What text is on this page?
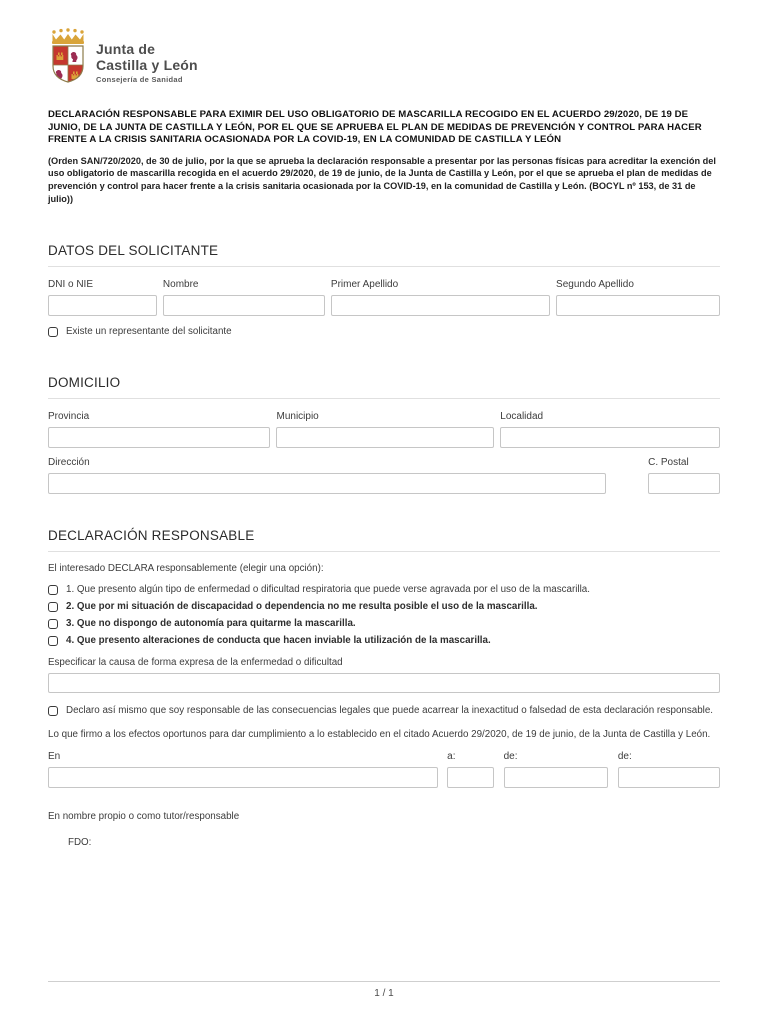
Junta de
Castilla y León
Consejería de Sanidad

DECLARACIÓN RESPONSABLE PARA EXIMIR DEL USO OBLIGATORIO DE MASCARILLA RECOGIDO EN EL ACUERDO 29/2020, DE 19 DE JUNIO, DE LA JUNTA DE CASTILLA Y LEÓN, POR EL QUE SE APRUEBA EL PLAN DE MEDIDAS DE PREVENCIÓN Y CONTROL PARA HACER FRENTE A LA CRISIS SANITARIA OCASIONADA POR LA COVID-19, EN LA COMUNIDAD DE CASTILLA Y LEÓN

(Orden SAN/720/2020, de 30 de julio, por la que se aprueba la declaración responsable a presentar por las personas físicas para acreditar la exención del uso obligatorio de mascarilla recogida en el acuerdo 29/2020, de 19 de junio, de la Junta de Castilla y León, por el que se aprueba el plan de medidas de prevención y control para hacer frente a la crisis sanitaria ocasionada por la COVID-19, en la comunidad de Castilla y León. (BOCYL nº 153, de 31 de julio))

DATOS DEL SOLICITANTE
DNI o NIE	Nombre	Primer Apellido	Segundo Apellido
Existe un representante del solicitante
DOMICILIO
Provincia	Municipio	Localidad
Dirección	C. Postal
DECLARACIÓN RESPONSABLE

El interesado DECLARA responsablemente (elegir una opción):

1. Que presento algún tipo de enfermedad o dificultad respiratoria que puede verse agravada por el uso de la mascarilla.
2. Que por mi situación de discapacidad o dependencia no me resulta posible el uso de la mascarilla.
3. Que no dispongo de autonomía para quitarme la mascarilla.
4. Que presento alteraciones de conducta que hacen inviable la utilización de la mascarilla.

Especificar la causa de forma expresa de la enfermedad o dificultad

Declaro así mismo que soy responsable de las consecuencias legales que puede acarrear la inexactitud o falsedad de esta declaración responsable.

Lo que firmo a los efectos oportunos para dar cumplimiento a lo establecido en el citado Acuerdo 29/2020, de 19 de junio, de la Junta de Castilla y León.

En	a:	de:	de:

En nombre propio o como tutor/responsable

FDO:

1 / 1
